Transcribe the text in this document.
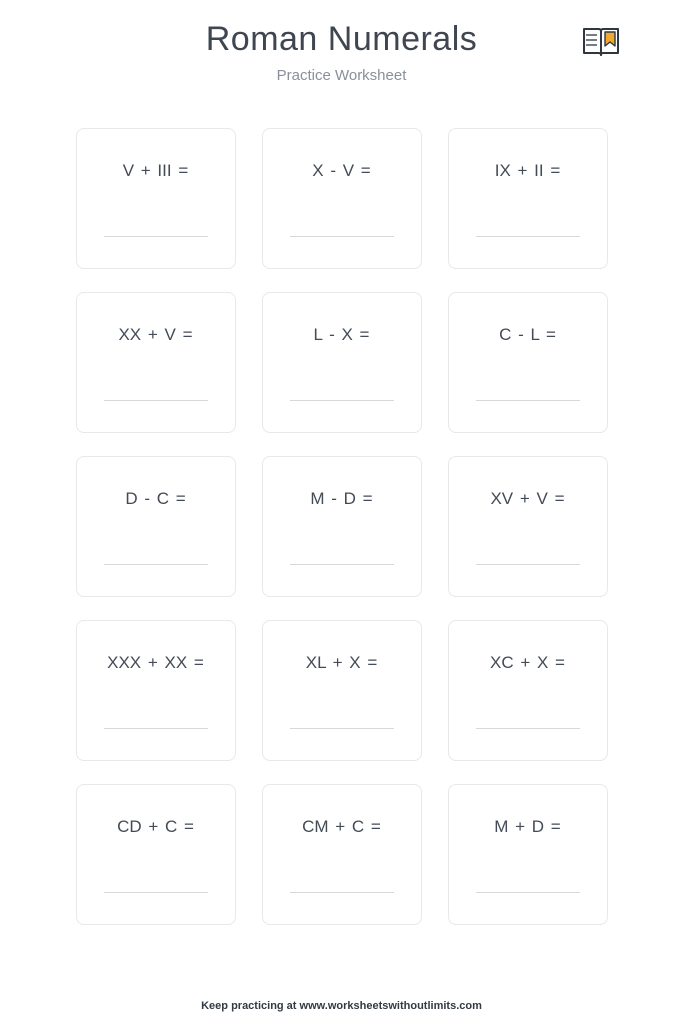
Roman Numerals

Practice Worksheet

V + III =	X - V =	IX + II =
XX + V =	L - X =	C - L =
D - C =	M - D =	XV + V =
XXX + XX =	XL + X =	XC + X =
CD + C =	CM + C =	M + D =
Keep practicing at www.worksheetswithoutlimits.com
